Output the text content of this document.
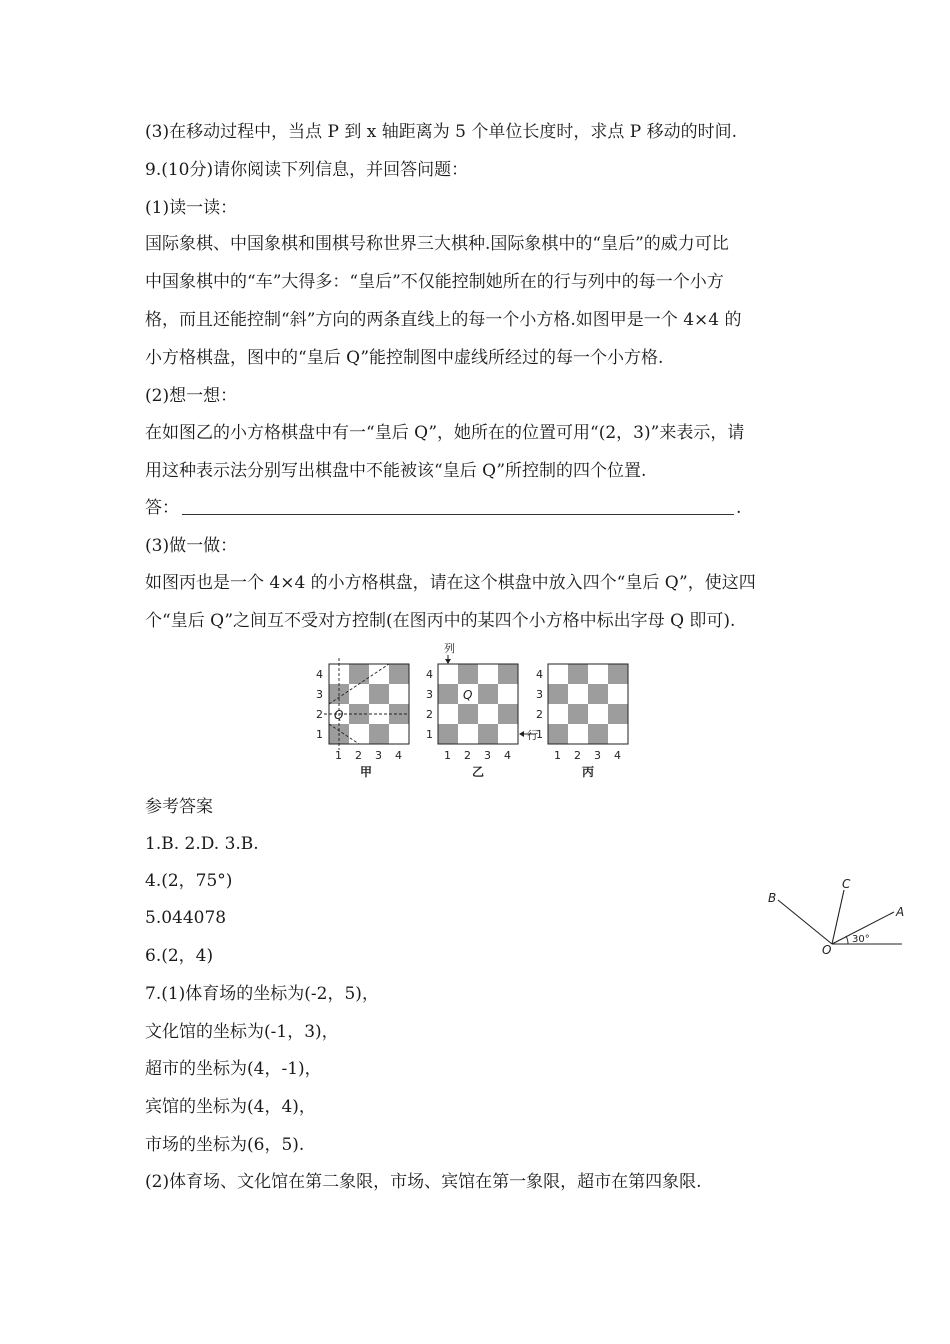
(3)在移动过程中，当点 P 到 x 轴距离为 5 个单位长度时，求点 P 移动的时间.
9.(10分)请你阅读下列信息，并回答问题：
(1)读一读：
国际象棋、中国象棋和围棋号称世界三大棋种.国际象棋中的“皇后”的威力可比
中国象棋中的“车”大得多：“皇后”不仅能控制她所在的行与列中的每一个小方
格，而且还能控制“斜”方向的两条直线上的每一个小方格.如图甲是一个 4×4 的
小方格棋盘，图中的“皇后 Q”能控制图中虚线所经过的每一个小方格.
(2)想一想：
在如图乙的小方格棋盘中有一“皇后 Q”，她所在的位置可用“(2，3)”来表示，请
用这种表示法分别写出棋盘中不能被该“皇后 Q”所控制的四个位置.
答：	.
(3)做一做：
如图丙也是一个 4×4 的小方格棋盘，请在这个棋盘中放入四个“皇后 Q”，使这四
个“皇后 Q”之间互不受对方控制(在图丙中的某四个小方格中标出字母 Q 即可).
Q
4
3
2
1
1 2 3 4
甲
Q
列
行
4
3
2
1
1 2 3 4
乙
4
3
2
1
1 2 3 4
丙
参考答案
1.B. 2.D. 3.B.
4.(2，75°)
5.044078
6.(2，4)
7.(1)体育场的坐标为(-2，5)，
文化馆的坐标为(-1，3)，
超市的坐标为(4，-1)，
宾馆的坐标为(4，4)，
市场的坐标为(6，5).
(2)体育场、文化馆在第二象限，市场、宾馆在第一象限，超市在第四象限.
B
C
A
O
30°
